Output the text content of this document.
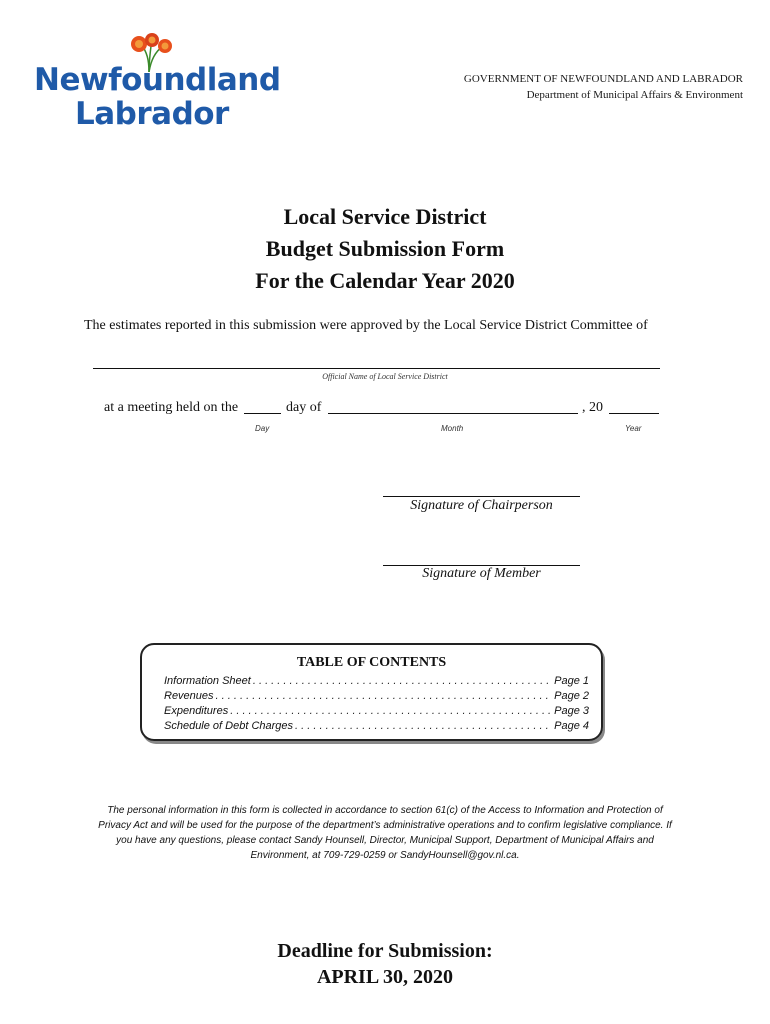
Newfoundland
Labrador
GOVERNMENT OF NEWFOUNDLAND AND LABRADOR
Department of Municipal Affairs & Environment
Local Service District
Budget Submission Form
For the Calendar Year 2020
The estimates reported in this submission were approved by the Local Service District Committee of
Official Name of Local Service District
at a meeting held on the	day of	, 20
Day	Month	Year
Signature of Chairperson
Signature of Member
TABLE OF CONTENTS
Information Sheet . . .	Page 1
Revenues . . .	Page 2
Expenditures . . .	Page 3
Schedule of Debt Charges . . .	Page 4
The personal information in this form is collected in accordance to section 61(c) of the Access to Information and Protection of Privacy Act and will be used for the purpose of the department’s administrative operations and to confirm legislative compliance. If you have any questions, please contact Sandy Hounsell, Director, Municipal Support, Department of Municipal Affairs and Environment, at 709-729-0259 or SandyHounsell@gov.nl.ca.
Deadline for Submission:
APRIL 30, 2020
